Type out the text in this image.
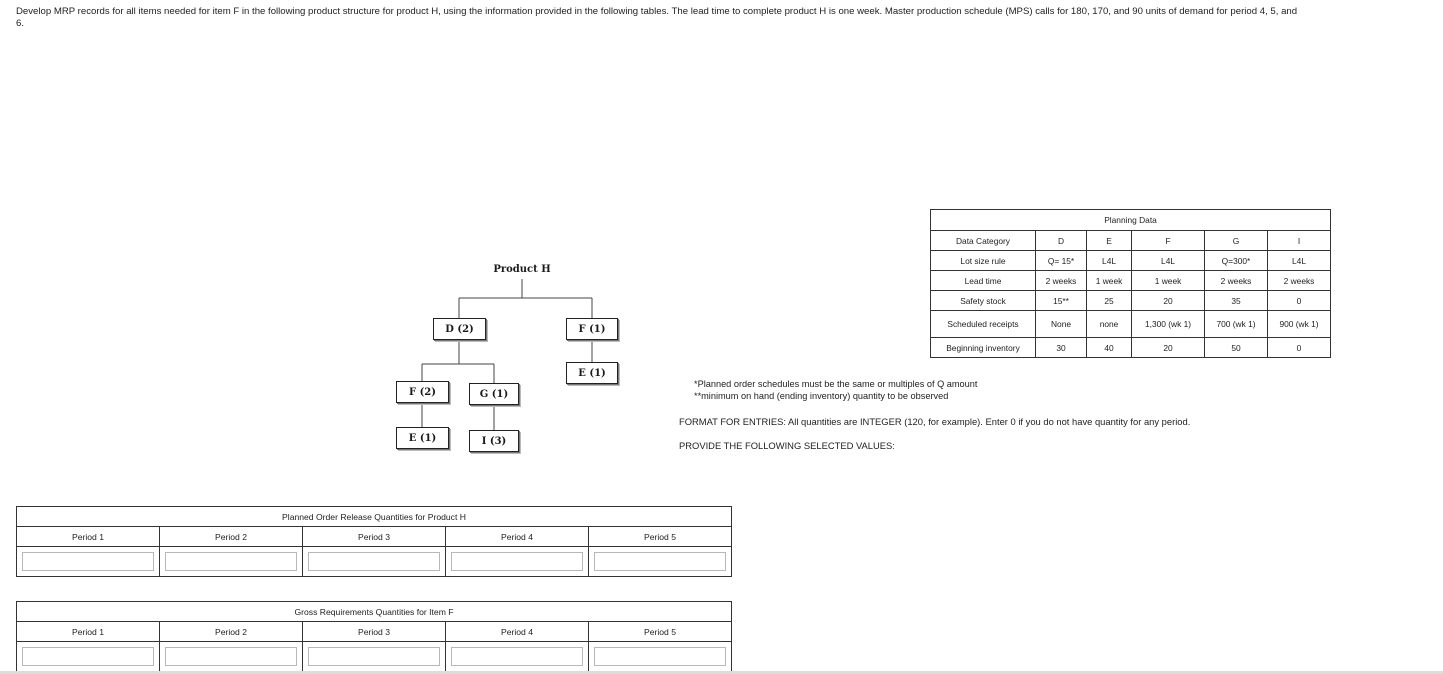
Develop MRP records for all items needed for item F in the following product structure for product H, using the information provided in the following tables. The lead time to complete product H is one week. Master production schedule (MPS) calls for 180, 170, and 90 units of demand for period 4, 5, and 6.
Product H
D (2)	F (1)
E (1)
F (2)	G (1)
E (1)	I (3)
Planning Data					
Data Category	D	E	F	G	I
Lot size rule	Q= 15*	L4L	L4L	Q=300*	L4L
Lead time	2 weeks	1 week	1 week	2 weeks	2 weeks
Safety stock	15**	25	20	35	0
Scheduled receipts	None	none	1,300 (wk 1)	700 (wk 1)	900 (wk 1)
Beginning inventory	30	40	20	50	0
*Planned order schedules must be the same or multiples of Q amount
**minimum on hand (ending inventory) quantity to be observed
FORMAT FOR ENTRIES: All quantities are INTEGER (120, for example). Enter 0 if you do not have quantity for any period.
PROVIDE THE FOLLOWING SELECTED VALUES:
Planned Order Release Quantities for Product H
Period 1	Period 2	Period 3	Period 4	Period 5
Gross Requirements Quantities for Item F
Period 1	Period 2	Period 3	Period 4	Period 5
